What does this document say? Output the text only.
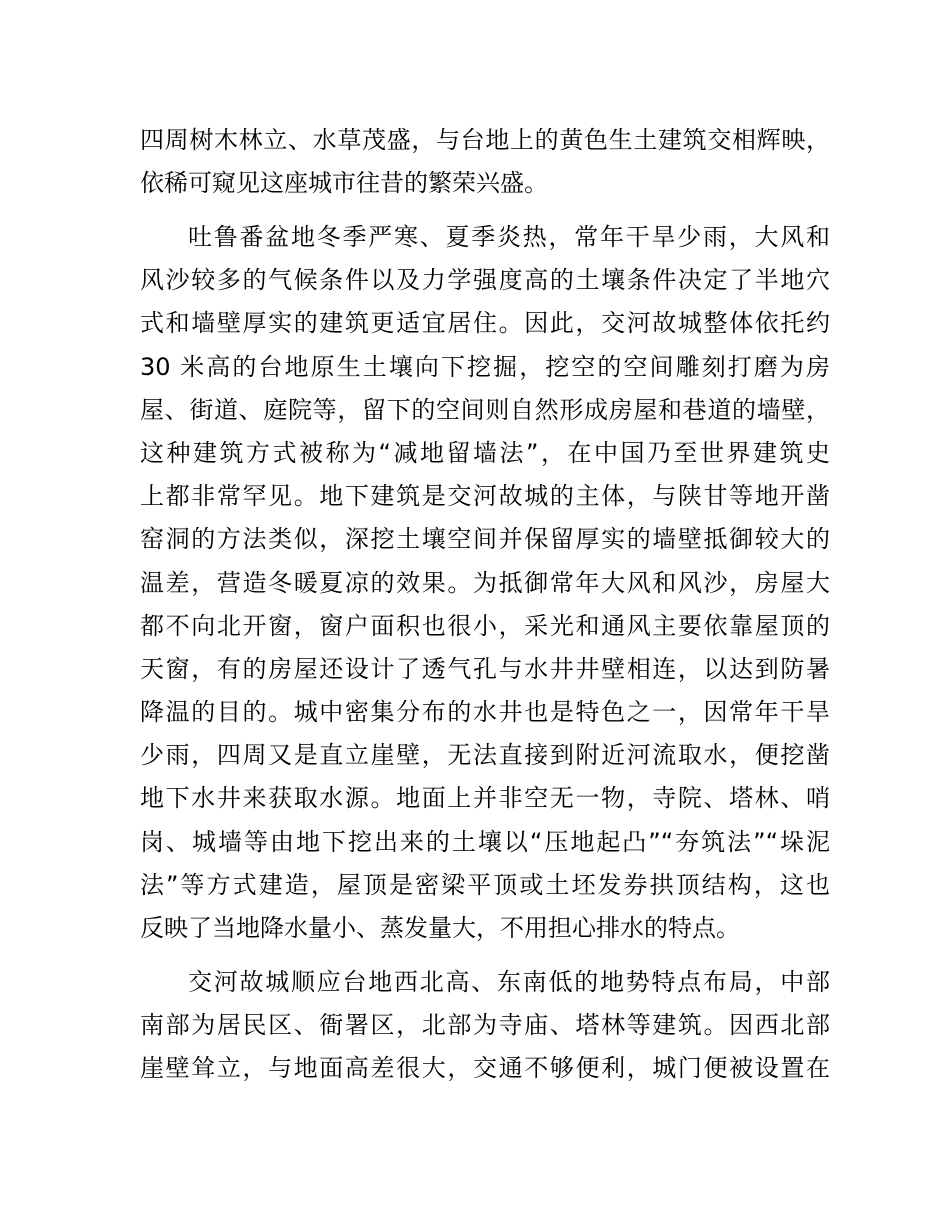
四周树木林立、水草茂盛，与台地上的黄色生土建筑交相辉映，
依稀可窥见这座城市往昔的繁荣兴盛。
吐鲁番盆地冬季严寒、夏季炎热，常年干旱少雨，大风和
风沙较多的气候条件以及力学强度高的土壤条件决定了半地穴
式和墙壁厚实的建筑更适宜居住。因此，交河故城整体依托约
30 米高的台地原生土壤向下挖掘，挖空的空间雕刻打磨为房
屋、街道、庭院等，留下的空间则自然形成房屋和巷道的墙壁，
这种建筑方式被称为“减地留墙法”，在中国乃至世界建筑史
上都非常罕见。地下建筑是交河故城的主体，与陕甘等地开凿
窑洞的方法类似，深挖土壤空间并保留厚实的墙壁抵御较大的
温差，营造冬暖夏凉的效果。为抵御常年大风和风沙，房屋大
都不向北开窗，窗户面积也很小，采光和通风主要依靠屋顶的
天窗，有的房屋还设计了透气孔与水井井壁相连，以达到防暑
降温的目的。城中密集分布的水井也是特色之一，因常年干旱
少雨，四周又是直立崖壁，无法直接到附近河流取水，便挖凿
地下水井来获取水源。地面上并非空无一物，寺院、塔林、哨
岗、城墙等由地下挖出来的土壤以“压地起凸”“夯筑法”“垛泥
法”等方式建造，屋顶是密梁平顶或土坯发券拱顶结构，这也
反映了当地降水量小、蒸发量大，不用担心排水的特点。
交河故城顺应台地西北高、东南低的地势特点布局，中部
南部为居民区、衙署区，北部为寺庙、塔林等建筑。因西北部
崖壁耸立，与地面高差很大，交通不够便利，城门便被设置在
